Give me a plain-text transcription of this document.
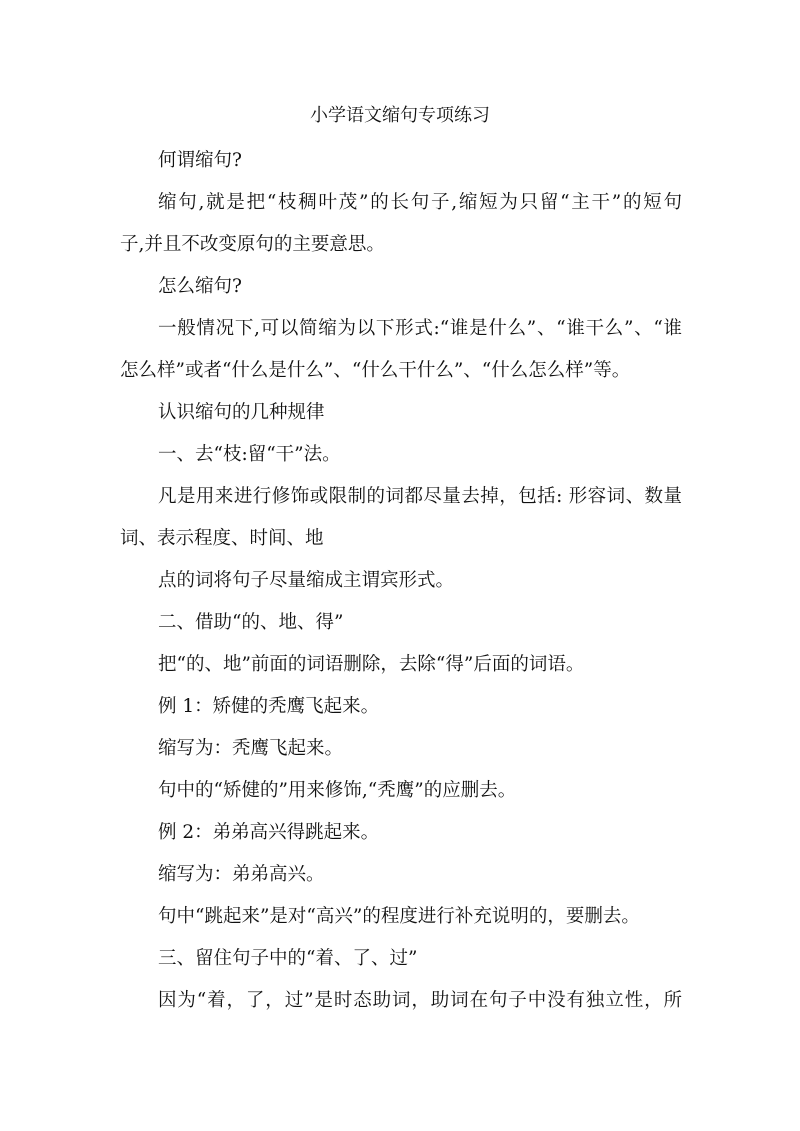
小学语文缩句专项练习
何谓缩句?
缩句,就是把“枝稠叶茂”的长句子,缩短为只留“主干”的短句
子,并且不改变原句的主要意思。
怎么缩句?
一般情况下,可以简缩为以下形式:“谁是什么”、“谁干么”、“谁
怎么样”或者“什么是什么”、“什么干什么”、“什么怎么样”等。
认识缩句的几种规律
一、去“枝:留“干”法。
凡是用来进行修饰或限制的词都尽量去掉，包括: 形容词、数量
词、表示程度、时间、地
点的词将句子尽量缩成主谓宾形式。
二、借助“的、地、得”
把“的、地”前面的词语删除，去除“得”后面的词语。
例 1：矫健的秃鹰飞起来。
缩写为：秃鹰飞起来。
句中的“矫健的”用来修饰,“秃鹰”的应删去。
例 2：弟弟高兴得跳起来。
缩写为：弟弟高兴。
句中“跳起来”是对“高兴”的程度进行补充说明的，要删去。
三、留住句子中的“着、了、过”
因为“着，了，过”是时态助词，助词在句子中没有独立性，所
